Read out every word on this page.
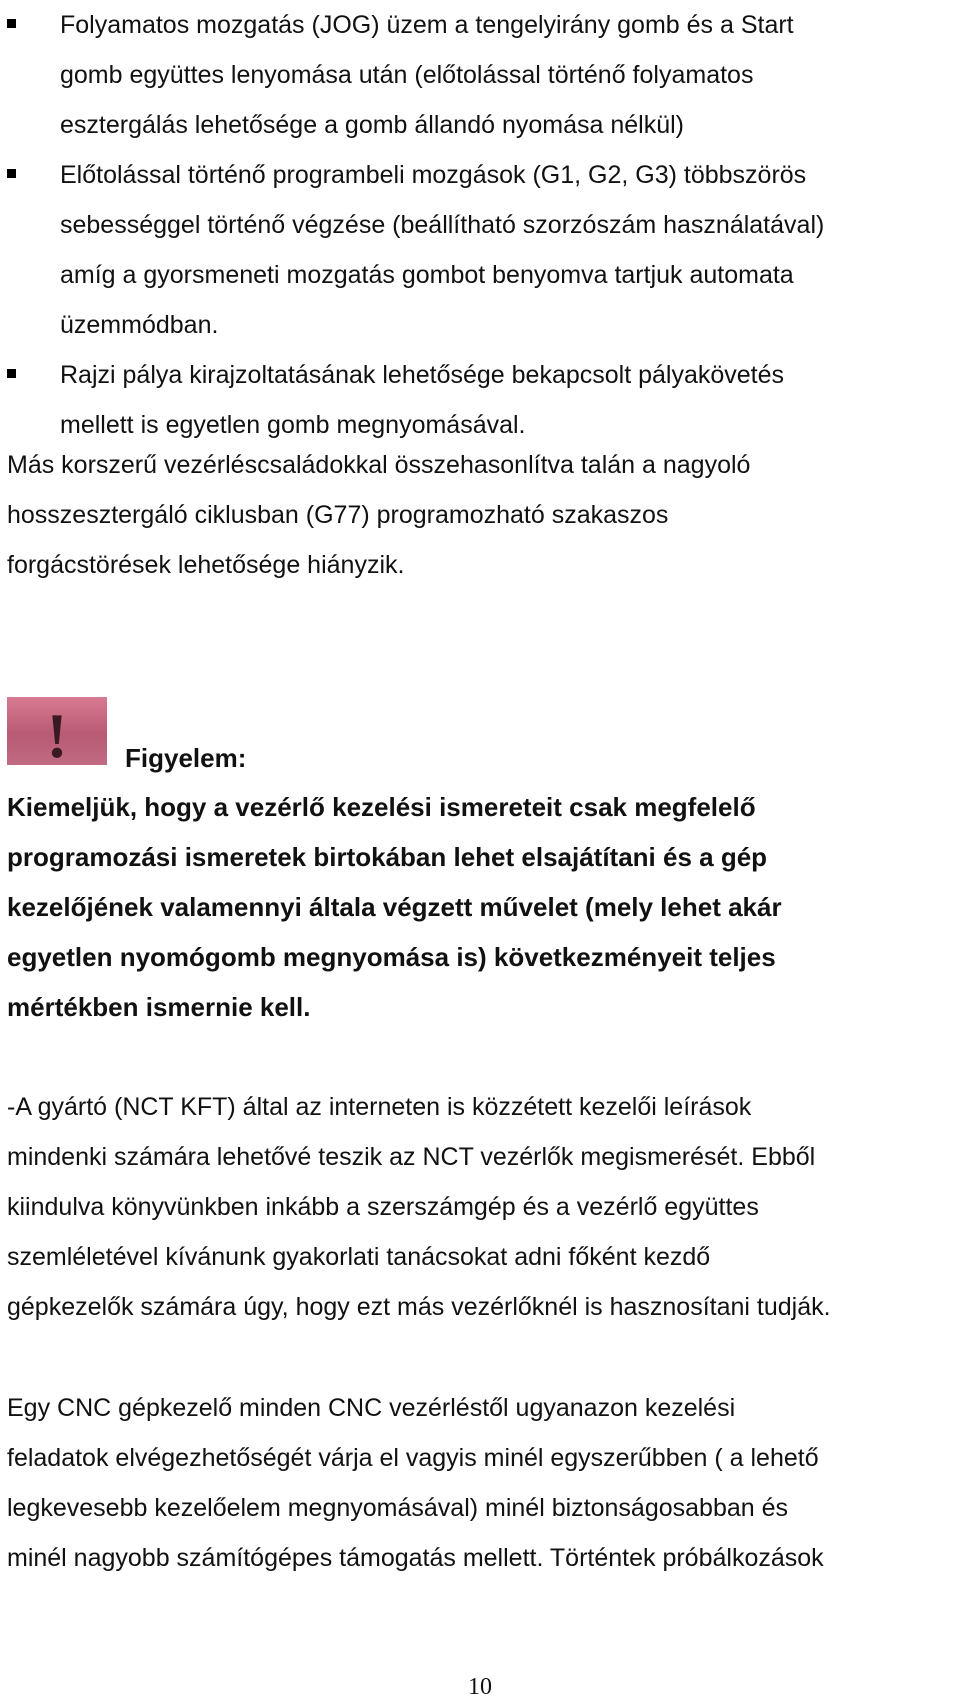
Folyamatos mozgatás (JOG) üzem a tengelyirány gomb és a Start
gomb együttes lenyomása után (előtolással történő folyamatos
esztergálás lehetősége a gomb állandó nyomása nélkül)
Előtolással történő programbeli mozgások (G1, G2, G3) többszörös
sebességgel történő végzése (beállítható szorzószám használatával)
amíg a gyorsmeneti mozgatás gombot benyomva tartjuk automata
üzemmódban.
Rajzi pálya kirajzoltatásának lehetősége bekapcsolt pályakövetés
mellett is egyetlen gomb megnyomásával.
Más korszerű vezérléscsaládokkal összehasonlítva talán a nagyoló
hosszesztergáló ciklusban (G77) programozható szakaszos
forgácstörések lehetősége hiányzik.
! Figyelem:
Kiemeljük, hogy a vezérlő kezelési ismereteit csak megfelelő
programozási ismeretek birtokában lehet elsajátítani és a gép
kezelőjének valamennyi általa végzett művelet (mely lehet akár
egyetlen nyomógomb megnyomása is) következményeit teljes
mértékben ismernie kell.
-A gyártó (NCT KFT) által az interneten is közzétett kezelői leírások
mindenki számára lehetővé teszik az NCT vezérlők megismerését. Ebből
kiindulva könyvünkben inkább a szerszámgép és a vezérlő együttes
szemléletével kívánunk gyakorlati tanácsokat adni főként kezdő
gépkezelők számára úgy, hogy ezt más vezérlőknél is hasznosítani tudják.
Egy CNC gépkezelő minden CNC vezérléstől ugyanazon kezelési
feladatok elvégezhetőségét várja el vagyis minél egyszerűbben ( a lehető
legkevesebb kezelőelem megnyomásával) minél biztonságosabban és
minél nagyobb számítógépes támogatás mellett. Történtek próbálkozások
10
